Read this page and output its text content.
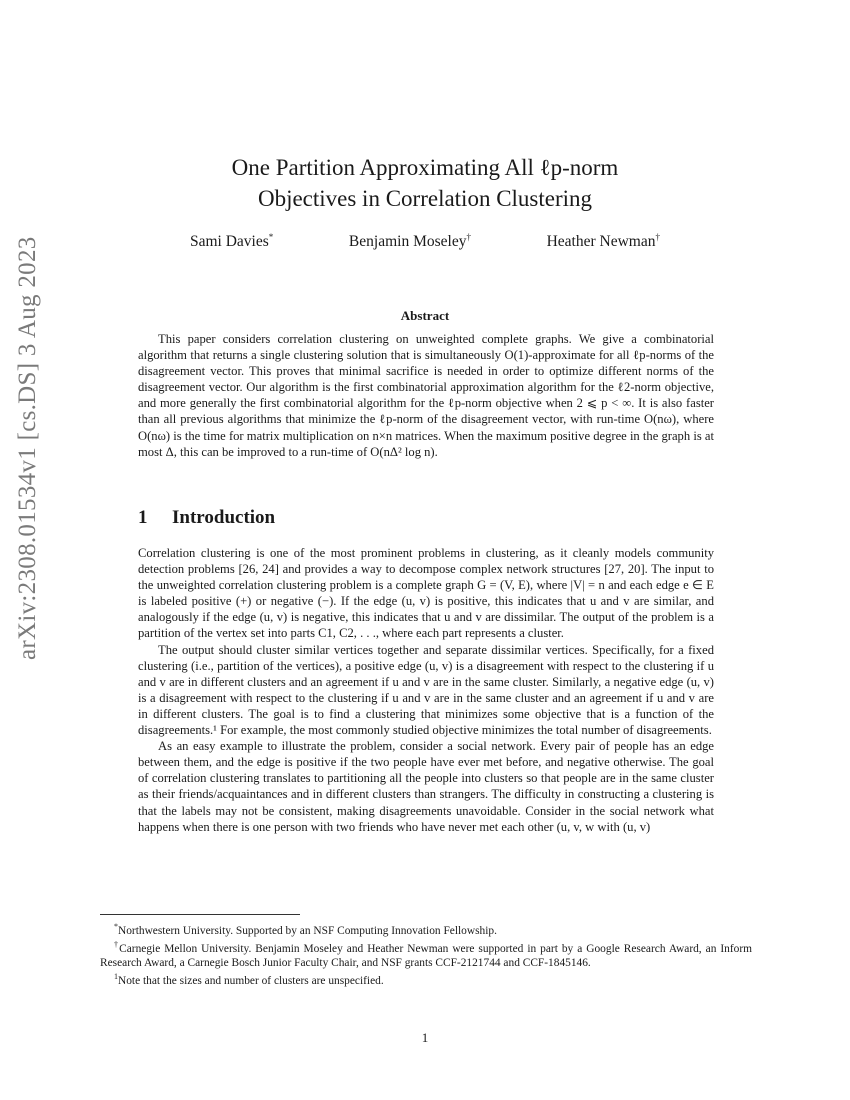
arXiv:2308.01534v1 [cs.DS] 3 Aug 2023
One Partition Approximating All ℓp-norm
Objectives in Correlation Clustering
Sami Davies*	Benjamin Moseley†	Heather Newman†
Abstract
This paper considers correlation clustering on unweighted complete graphs. We give a combinatorial algorithm that returns a single clustering solution that is simultaneously O(1)-approximate for all ℓp-norms of the disagreement vector. This proves that minimal sacrifice is needed in order to optimize different norms of the disagreement vector. Our algorithm is the first combinatorial approximation algorithm for the ℓ2-norm objective, and more generally the first combinatorial algorithm for the ℓp-norm objective when 2 ⩽ p < ∞. It is also faster than all previous algorithms that minimize the ℓp-norm of the disagreement vector, with run-time O(nω), where O(nω) is the time for matrix multiplication on n×n matrices. When the maximum positive degree in the graph is at most Δ, this can be improved to a run-time of O(nΔ² log n).
1 Introduction

Correlation clustering is one of the most prominent problems in clustering, as it cleanly models community detection problems [26, 24] and provides a way to decompose complex network structures [27, 20]. The input to the unweighted correlation clustering problem is a complete graph G = (V, E), where |V| = n and each edge e ∈ E is labeled positive (+) or negative (−). If the edge (u, v) is positive, this indicates that u and v are similar, and analogously if the edge (u, v) is negative, this indicates that u and v are dissimilar. The output of the problem is a partition of the vertex set into parts C1, C2, . . ., where each part represents a cluster.

The output should cluster similar vertices together and separate dissimilar vertices. Specifically, for a fixed clustering (i.e., partition of the vertices), a positive edge (u, v) is a disagreement with respect to the clustering if u and v are in different clusters and an agreement if u and v are in the same cluster. Similarly, a negative edge (u, v) is a disagreement with respect to the clustering if u and v are in the same cluster and an agreement if u and v are in different clusters. The goal is to find a clustering that minimizes some objective that is a function of the disagreements.¹ For example, the most commonly studied objective minimizes the total number of disagreements.

As an easy example to illustrate the problem, consider a social network. Every pair of people has an edge between them, and the edge is positive if the two people have ever met before, and negative otherwise. The goal of correlation clustering translates to partitioning all the people into clusters so that people are in the same cluster as their friends/acquaintances and in different clusters than strangers. The difficulty in constructing a clustering is that the labels may not be consistent, making disagreements unavoidable. Consider in the social network what happens when there is one person with two friends who have never met each other (u, v, w with (u, v)

*Northwestern University. Supported by an NSF Computing Innovation Fellowship.

†Carnegie Mellon University. Benjamin Moseley and Heather Newman were supported in part by a Google Research Award, an Inform Research Award, a Carnegie Bosch Junior Faculty Chair, and NSF grants CCF-2121744 and CCF-1845146.

$^1$Note that the sizes and number of clusters are unspecified.

1
